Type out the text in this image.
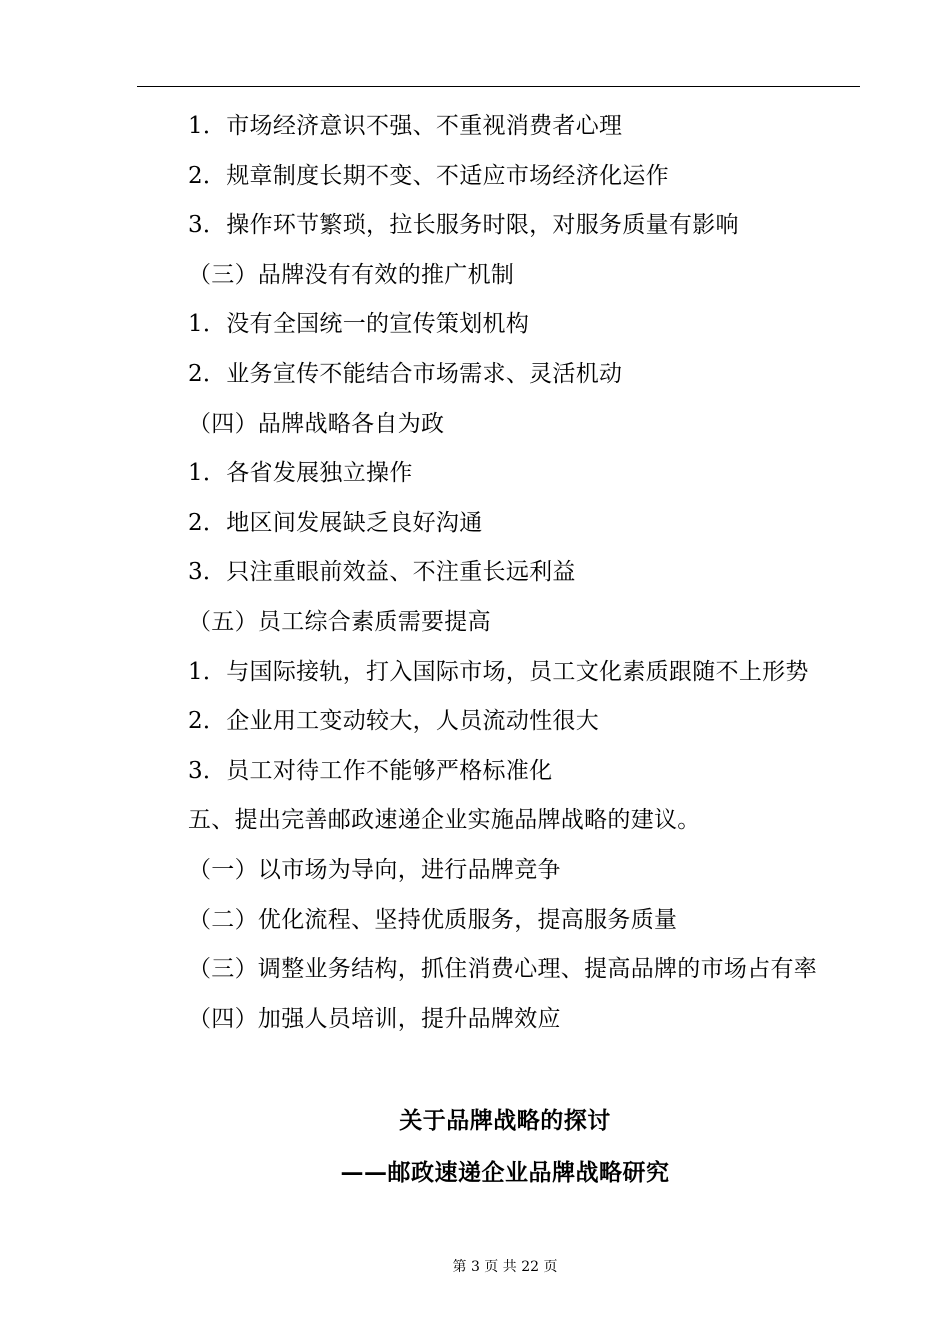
1．市场经济意识不强、不重视消费者心理
2．规章制度长期不变、不适应市场经济化运作
3．操作环节繁琐，拉长服务时限，对服务质量有影响
（三）品牌没有有效的推广机制
1．没有全国统一的宣传策划机构
2．业务宣传不能结合市场需求、灵活机动
（四）品牌战略各自为政
1．各省发展独立操作
2．地区间发展缺乏良好沟通
3．只注重眼前效益、不注重长远利益
（五）员工综合素质需要提高
1．与国际接轨，打入国际市场，员工文化素质跟随不上形势
2．企业用工变动较大，人员流动性很大
3．员工对待工作不能够严格标准化
五、提出完善邮政速递企业实施品牌战略的建议。
（一）以市场为导向，进行品牌竞争
（二）优化流程、坚持优质服务，提高服务质量
（三）调整业务结构，抓住消费心理、提高品牌的市场占有率
（四）加强人员培训，提升品牌效应
关于品牌战略的探讨
——邮政速递企业品牌战略研究
第 3 页 共 22 页
